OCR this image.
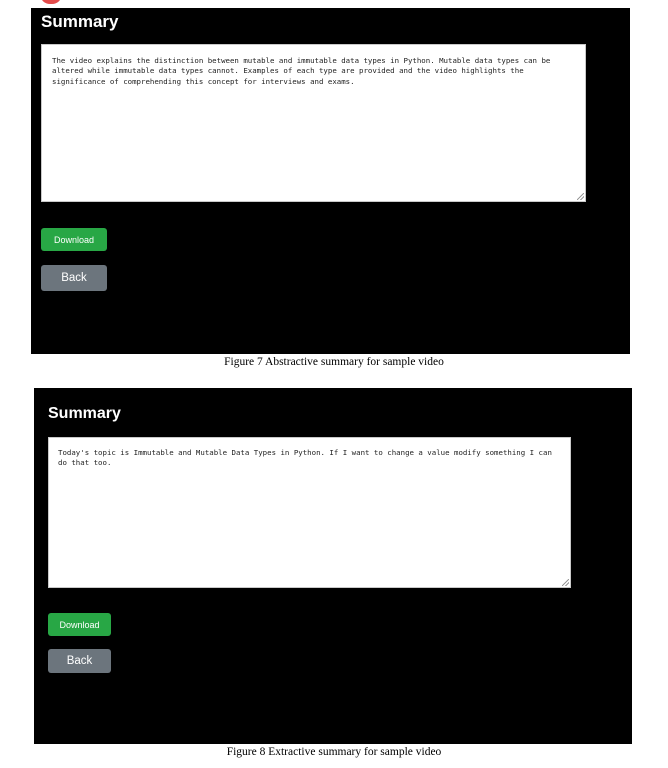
Summary
The video explains the distinction between mutable and immutable data types in Python. Mutable data types can be altered while immutable data types cannot. Examples of each type are provided and the video highlights the significance of comprehending this concept for interviews and exams.
Download
Back
Figure 7 Abstractive summary for sample video
Summary
Today's topic is Immutable and Mutable Data Types in Python. If I want to change a value modify something I can do that too.
Download
Back
Figure 8 Extractive summary for sample video
